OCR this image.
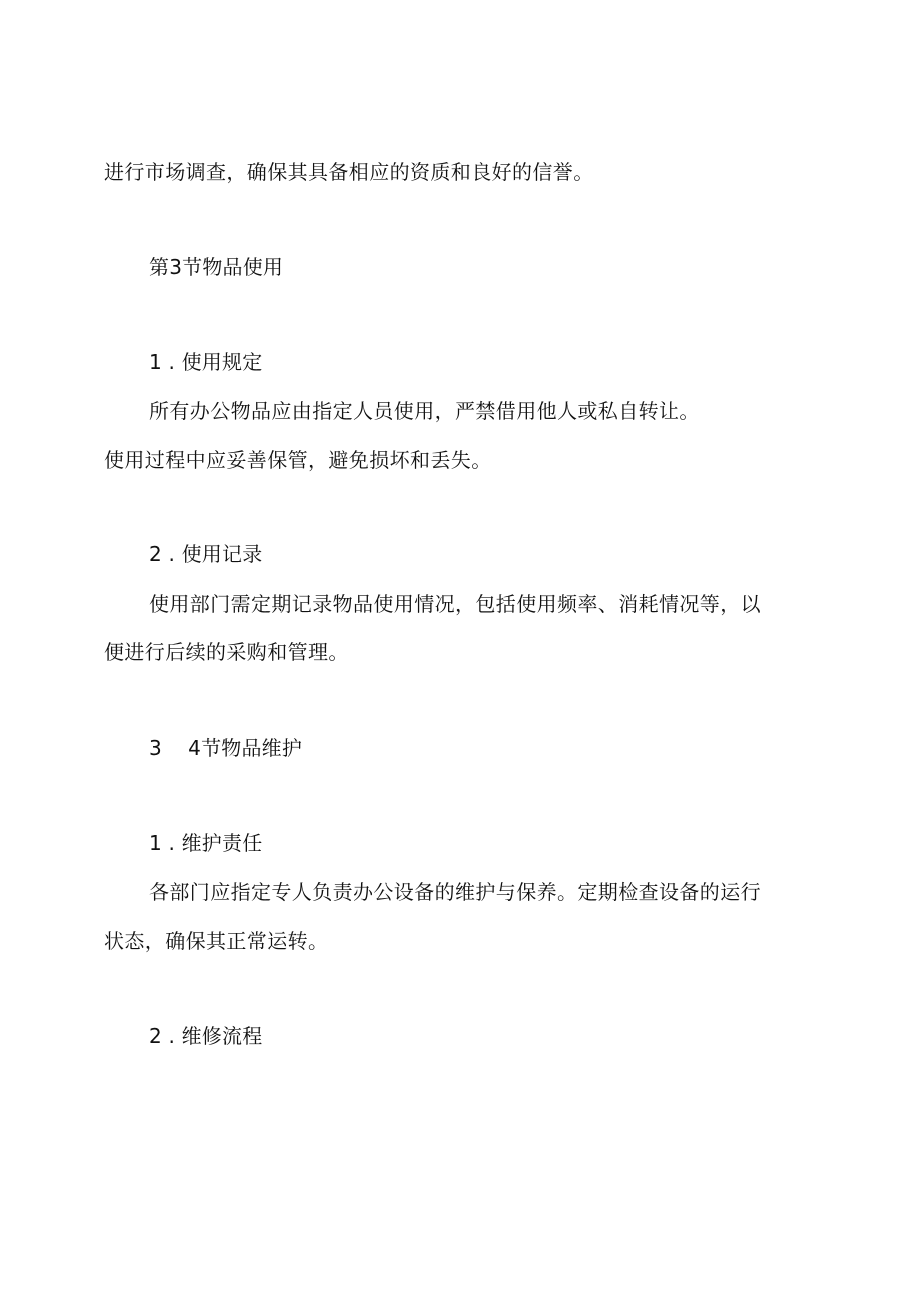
进行市场调查，确保其具备相应的资质和良好的信誉。
第3节物品使用
1 . 使用规定
所有办公物品应由指定人员使用，严禁借用他人或私自转让。
使用过程中应妥善保管，避免损坏和丢失。
2 . 使用记录
使用部门需定期记录物品使用情况，包括使用频率、消耗情况等，以
便进行后续的采购和管理。
3    4节物品维护
1 . 维护责任
各部门应指定专人负责办公设备的维护与保养。定期检查设备的运行
状态，确保其正常运转。
2 . 维修流程
